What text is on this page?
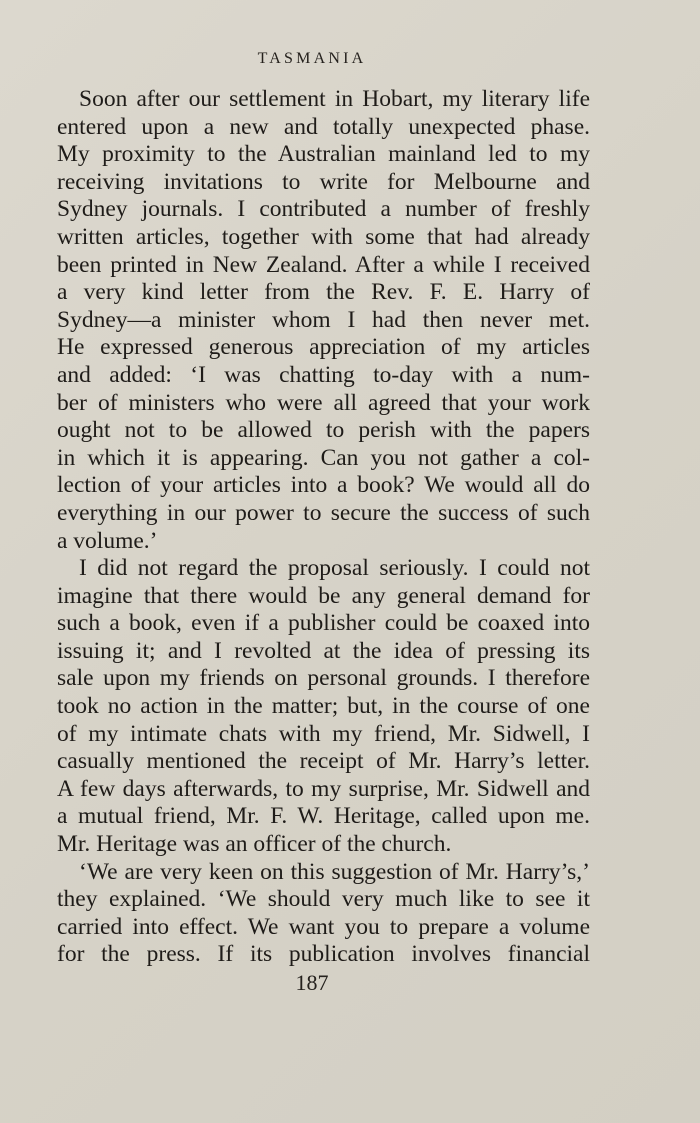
TASMANIA
Soon after our settlement in Hobart, my literary life
entered upon a new and totally unexpected phase.
My proximity to the Australian mainland led to my
receiving invitations to write for Melbourne and
Sydney journals. I contributed a number of freshly
written articles, together with some that had already
been printed in New Zealand. After a while I received
a very kind letter from the Rev. F. E. Harry of
Sydney—a minister whom I had then never met.
He expressed generous appreciation of my articles
and added: ‘I was chatting to-day with a num-
ber of ministers who were all agreed that your work
ought not to be allowed to perish with the papers
in which it is appearing. Can you not gather a col-
lection of your articles into a book? We would all do
everything in our power to secure the success of such
a volume.’
I did not regard the proposal seriously. I could not
imagine that there would be any general demand for
such a book, even if a publisher could be coaxed into
issuing it; and I revolted at the idea of pressing its
sale upon my friends on personal grounds. I therefore
took no action in the matter; but, in the course of one
of my intimate chats with my friend, Mr. Sidwell, I
casually mentioned the receipt of Mr. Harry’s letter.
A few days afterwards, to my surprise, Mr. Sidwell and
a mutual friend, Mr. F. W. Heritage, called upon me.
Mr. Heritage was an officer of the church.
‘We are very keen on this suggestion of Mr. Harry’s,’
they explained. ‘We should very much like to see it
carried into effect. We want you to prepare a volume
for the press. If its publication involves financial
187
